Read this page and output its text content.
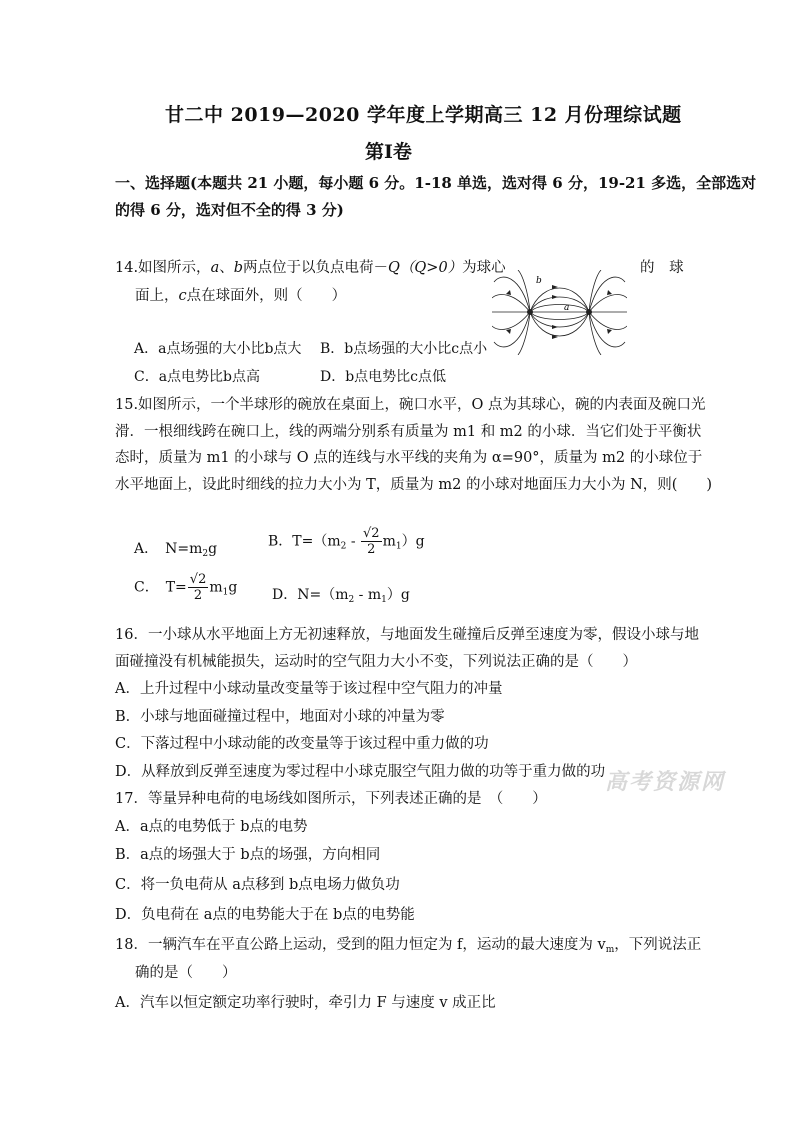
甘二中 2019—2020 学年度上学期高三 12 月份理综试题
第Ⅰ卷
一、选择题(本题共 21 小题，每小题 6 分。1-18 单选，选对得 6 分，19-21 多选，全部选对
的得 6 分，选对但不全的得 3 分)
14.如图所示，a、b两点位于以负点电荷－Q（Q>0）为球心	的 球
面上，c点在球面外，则（　　）
b
a
A．a点场强的大小比b点大 B．b点场强的大小比c点小
C．a点电势比b点高	D．b点电势比c点低
15.如图所示，一个半球形的碗放在桌面上，碗口水平，O 点为其球心，碗的内表面及碗口光
滑．一根细线跨在碗口上，线的两端分别系有质量为 m1 和 m2 的小球．当它们处于平衡状
态时，质量为 m1 的小球与 O 点的连线与水平线的夹角为 α=90°，质量为 m2 的小球位于
水平地面上，设此时细线的拉力大小为 T，质量为 m2 的小球对地面压力大小为 N，则(　　)
A．　$N=m_2g$	B．$T=(m_2 - \frac{√2}{2} m_1)g$
C．　$T= \frac{√2}{2} m_1g$ D．$N=(m_2 - m_1)g$
16．一小球从水平地面上方无初速释放，与地面发生碰撞后反弹至速度为零，假设小球与地
面碰撞没有机械能损失，运动时的空气阻力大小不变，下列说法正确的是（　　）
A．上升过程中小球动量改变量等于该过程中空气阻力的冲量
B．小球与地面碰撞过程中，地面对小球的冲量为零
C．下落过程中小球动能的改变量等于该过程中重力做的功
D．从释放到反弹至速度为零过程中小球克服空气阻力做的功等于重力做的功 高考资源网
17．等量异种电荷的电场线如图所示，下列表述正确的是　（　　）
A．a点的电势低于 b点的电势
B．a点的场强大于 b点的场强，方向相同
C．将一负电荷从 a点移到 b点电场力做负功
D．负电荷在 a点的电势能大于在 b点的电势能
18．一辆汽车在平直公路上运动，受到的阻力恒定为 f，运动的最大速度为 $v_m$，下列说法正
确的是（　　）
A．汽车以恒定额定功率行驶时，牵引力 F 与速度 v 成正比
